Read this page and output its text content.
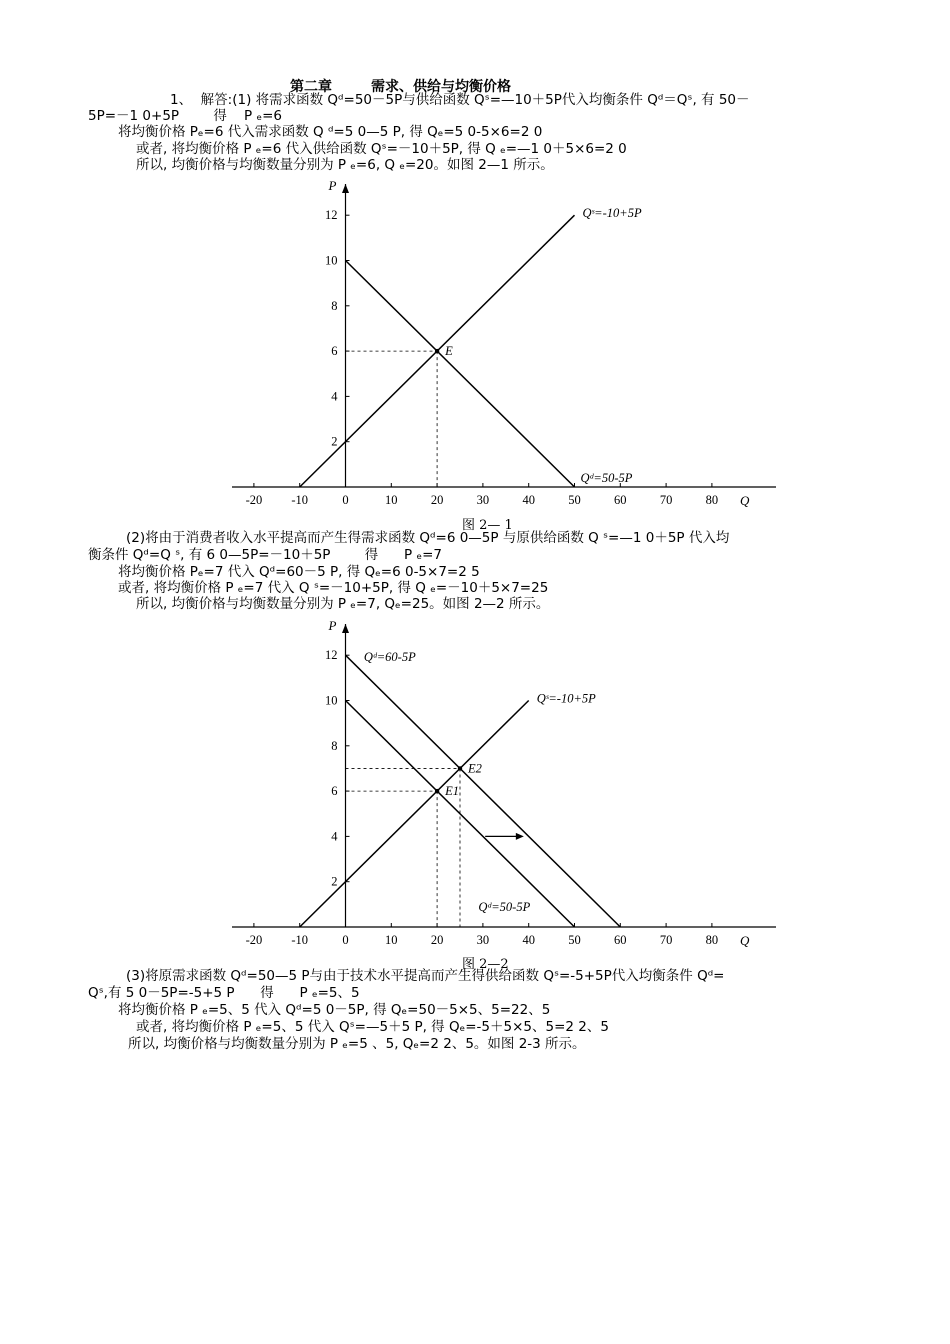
第二章        需求、供给与均衡价格
1、  解答:(1) 将需求函数 Qᵈ=50－5P与供给函数 Qˢ=—10＋5P代入均衡条件 Qᵈ＝Qˢ, 有 50－
5P=－1 0+5P        得    P ₑ=6
将均衡价格 Pₑ=6 代入需求函数 Q ᵈ=5 0—5 P, 得 Qₑ=5 0-5×6=2 0
或者, 将均衡价格 P ₑ=6 代入供给函数 Qˢ=－10＋5P, 得 Q ₑ=—1 0＋5×6=2 0
所以, 均衡价格与均衡数量分别为 P ₑ=6, Q ₑ=20。如图 2—1 所示。
P
Q
-20 -10	0	10	20	30	40	50	60	70	80
2
4
6
8
10
12	Qˢ=-10+5P
Qᵈ=50-5P
E
图 2— 1
(2)将由于消费者收入水平提高而产生得需求函数 Qᵈ=6 0—5P 与原供给函数 Q ˢ=—1 0＋5P 代入均
衡条件 Qᵈ=Q ˢ, 有 6 0—5P=－10＋5P        得      P ₑ=7
将均衡价格 Pₑ=7 代入 Qᵈ=60－5 P, 得 Qₑ=6 0-5×7=2 5
或者, 将均衡价格 P ₑ=7 代入 Q ˢ=－10+5P, 得 Q ₑ=－10＋5×7=25
所以, 均衡价格与均衡数量分别为 P ₑ=7, Qₑ=25。如图 2—2 所示。
P
Q
-20 -10	0	10	20	30	40	50	60	70	80
2
4
6
8
10
12 Qᵈ=60-5P
Qˢ=-10+5P
Qᵈ=50-5P
E1
E2
图 2—2
(3)将原需求函数 Qᵈ=50—5 P与由于技术水平提高而产生得供给函数 Qˢ=-5+5P代入均衡条件 Qᵈ=
Qˢ,有 5 0－5P=-5+5 P      得      P ₑ=5、5
将均衡价格 P ₑ=5、5 代入 Qᵈ=5 0－5P, 得 Qₑ=50－5×5、5=22、5
或者, 将均衡价格 P ₑ=5、5 代入 Qˢ=—5＋5 P, 得 Qₑ=-5＋5×5、5=2 2、5
所以, 均衡价格与均衡数量分别为 P ₑ=5 、5, Qₑ=2 2、5。如图 2-3 所示。
